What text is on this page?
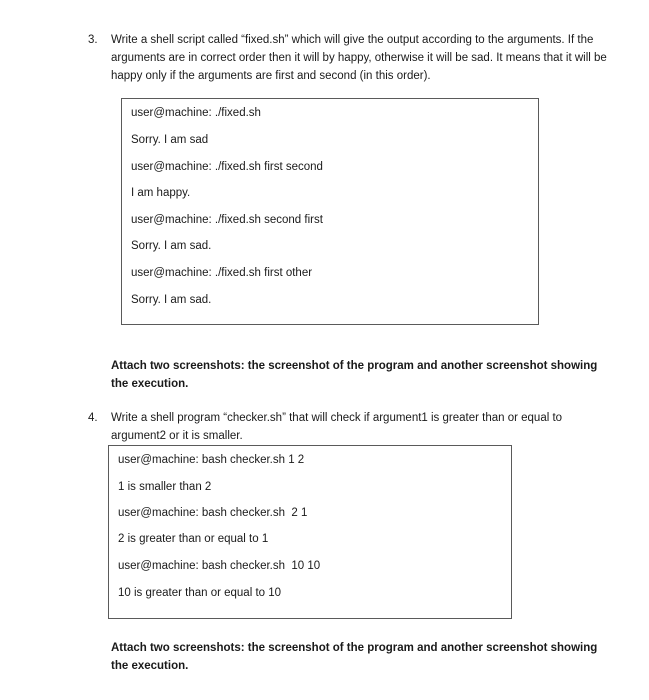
3. Write a shell script called “fixed.sh” which will give the output according to the arguments. If the arguments are in correct order then it will by happy, otherwise it will be sad. It means that it will be happy only if the arguments are first and second (in this order).
user@machine: ./fixed.sh
Sorry. I am sad
user@machine: ./fixed.sh first second
I am happy.
user@machine: ./fixed.sh second first
Sorry. I am sad.
user@machine: ./fixed.sh first other
Sorry. I am sad.
Attach two screenshots: the screenshot of the program and another screenshot showing the execution.
4. Write a shell program “checker.sh” that will check if argument1 is greater than or equal to argument2 or it is smaller.
user@machine: bash checker.sh 1 2
1 is smaller than 2
user@machine: bash checker.sh  2 1
2 is greater than or equal to 1
user@machine: bash checker.sh  10 10
10 is greater than or equal to 10
Attach two screenshots: the screenshot of the program and another screenshot showing the execution.
